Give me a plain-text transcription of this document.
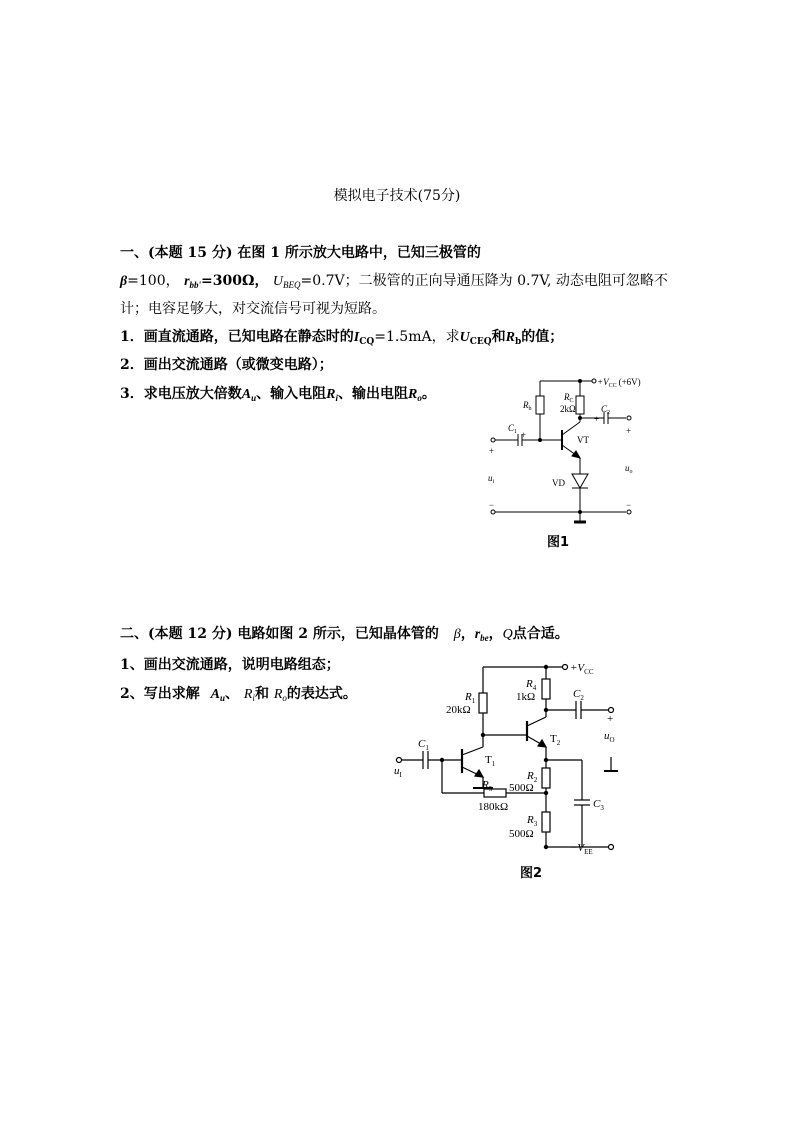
模拟电子技术(75分)
一、(本题 15 分) 在图 1 所示放大电路中，已知三极管的
β=100， $r_{bb'}=300\Omega$， $U_{BEQ}=0.7V$；二极管的正向导通压降为 0.7V, 动态电阻可忽略不
计；电容足够大，对交流信号可视为短路。
1．画直流通路，已知电路在静态时的$I_{CQ}=1.5mA$，求$U_{CEQ}$和$R_b$的值；
2．画出交流通路（或微变电路）；
3．求电压放大倍数$A_u$、输入电阻$R_i$、输出电阻$R_o$。
$+V_{CC}$ (+6V)
$R_b$
$R_C$
2kΩ	$C_2$
+
$C_1$ +	VT
VD
+
$u_i$
−
+
$u_o$
−
图1
二、(本题 12 分) 电路如图 2 所示，已知晶体管的 β，$r_{be}$，Q点合适。
1、画出交流通路，说明电路组态；
2、写出求解 $A_u$、 $R_i$和 $R_o$的表达式。
$+V_{CC}$
$-V_{EE}$
$R_1$
20kΩ
$R_4$
1kΩ	$C_2$
+
$u_O$
$T_2$
$T_1$
$C_1$
$u_I$	$R_2$
500Ω
$R_3$
500Ω
$R_5$
180kΩ	$C_3$
图2
